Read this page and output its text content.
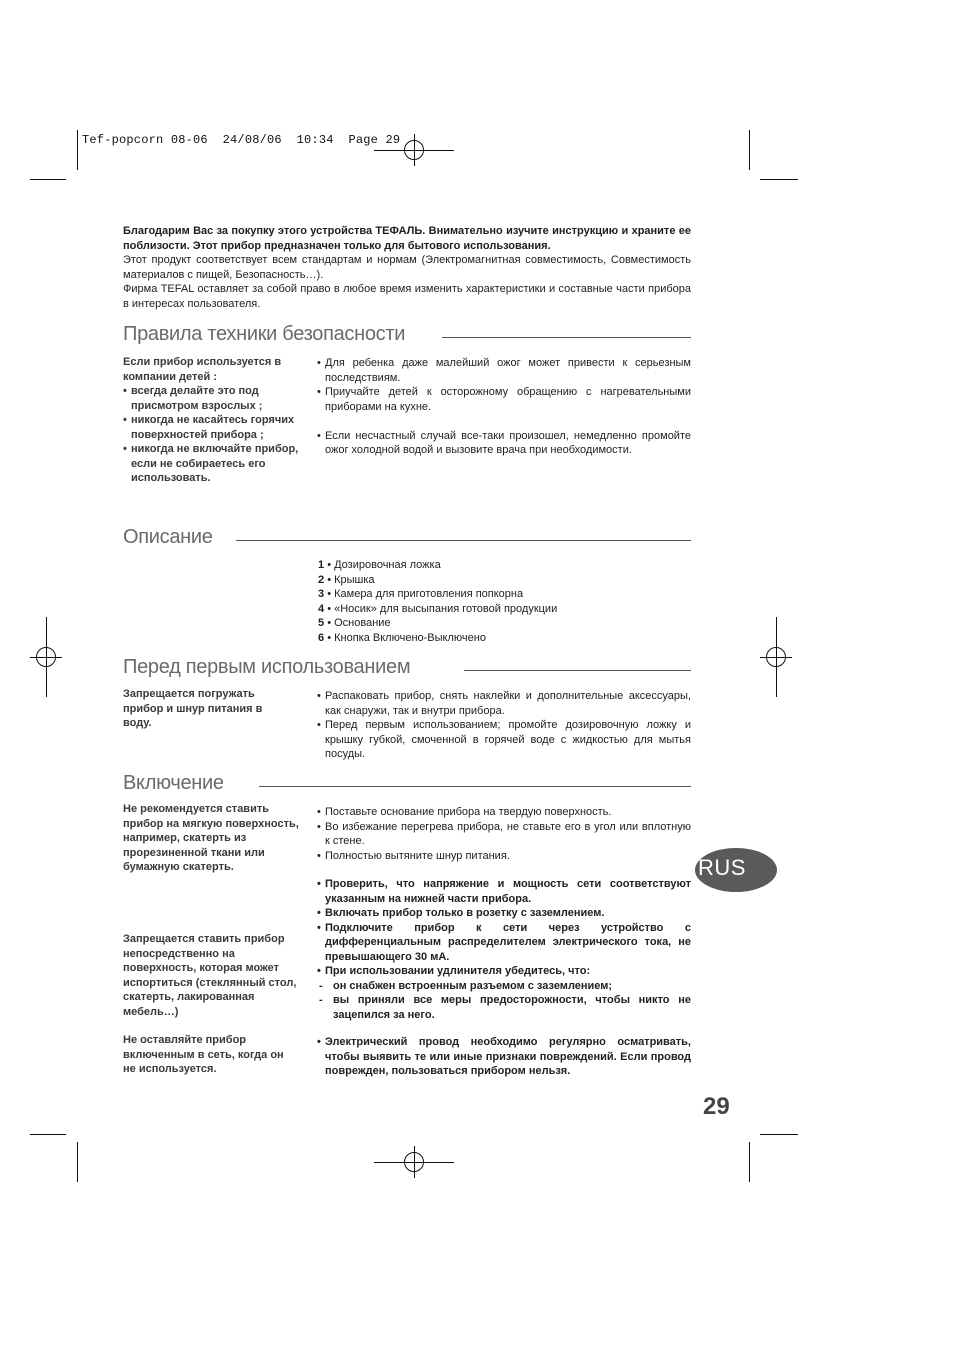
Tef-popcorn 08-06  24/08/06  10:34  Page 29

Благодарим Вас за покупку этого устройства ТЕФАЛЬ. Внимательно изучите инструкцию и храните ее поблизости. Этот прибор предназначен только для бытового использования.

Этот продукт соответствует всем стандартам и нормам (Электромагнитная совместимость, Совместимость материалов с пищей, Безопасность…).

Фирма TEFAL оставляет за собой право в любое время изменить характеристики и составные части прибора в интересах пользователя.

Правила техники безопасности

Если прибор используется в компании детей :

• всегда делайте это под присмотром взрослых ;
• никогда не касайтесь горячих поверхностей прибора ;
• никогда не включайте прибор, если не собираетесь его использовать.
• Для ребенка даже малейший ожог может привести к серьезным последствиям.
• Приучайте детей к осторожному обращению с нагревательными приборами на кухне.
• Если несчастный случай все-таки произошел, немедленно промойте ожог холодной водой и вызовите врача при необходимости.
Описание
1 • Дозировочная ложка
2 • Крышка
3 • Камера для приготовления попкорна
4 • «Носик» для высыпания готовой продукции
5 • Основание
6 • Кнопка Включено-Выключено
Перед первым использованием

Запрещается погружать прибор и шнур питания в воду.

• Распаковать прибор, снять наклейки и дополнительные аксессуары, как снаружи, так и внутри прибора.
• Перед первым использованием; промойте дозировочную ложку и крышку губкой, смоченной в горячей воде с жидкостью для мытья посуды.
Включение

Не рекомендуется ставить прибор на мягкую поверхность, например, скатерть из прорезиненной ткани или бумажную скатерть.

Запрещается ставить прибор непосредственно на поверхность, которая может испортиться (стеклянный стол, скатерть, лакированная мебель…)

Не оставляйте прибор включенным в сеть, когда он не используется.

• Поставьте основание прибора на твердую поверхность.
• Во избежание перегрева прибора, не ставьте его в угол или вплотную к стене.
• Полностью вытяните шнур питания.
• Проверить, что напряжение и мощность сети соответствуют указанным на нижней части прибора.
• Включать прибор только в розетку с заземлением.
• Подключите прибор к сети через устройство с дифференциальным распределителем электрического тока, не превышающего 30 мА.
• При использовании удлинителя убедитесь, что:
- он снабжен встроенным разъемом с заземлением;
- вы приняли все меры предосторожности, чтобы никто не зацепился за него.
• Электрический провод необходимо регулярно осматривать, чтобы выявить те или иные признаки повреждений. Если провод поврежден, пользоваться прибором нельзя.
RUS
29
